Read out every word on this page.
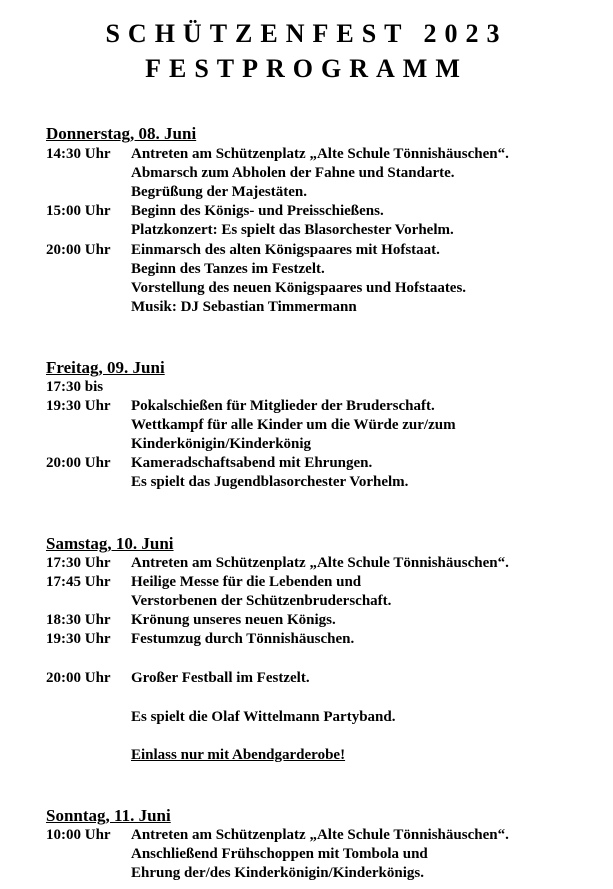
SCHÜTZENFEST 2023
FESTPROGRAMM
Donnerstag, 08. Juni
14:30 Uhr Antreten am Schützenplatz „Alte Schule Tönnishäuschen“.
Abmarsch zum Abholen der Fahne und Standarte.
Begrüßung der Majestäten.
15:00 Uhr Beginn des Königs- und Preisschießens.
Platzkonzert: Es spielt das Blasorchester Vorhelm.
20:00 Uhr Einmarsch des alten Königspaares mit Hofstaat.
Beginn des Tanzes im Festzelt.
Vorstellung des neuen Königspaares und Hofstaates.
Musik: DJ Sebastian Timmermann
Freitag, 09. Juni
17:30 bis
19:30 Uhr Pokalschießen für Mitglieder der Bruderschaft.
Wettkampf für alle Kinder um die Würde zur/zum
Kinderkönigin/Kinderkönig
20:00 Uhr Kameradschaftsabend mit Ehrungen.
Es spielt das Jugendblasorchester Vorhelm.
Samstag, 10. Juni
17:30 Uhr Antreten am Schützenplatz „Alte Schule Tönnishäuschen“.
17:45 Uhr Heilige Messe für die Lebenden und
Verstorbenen der Schützenbruderschaft.
18:30 Uhr Krönung unseres neuen Königs.
19:30 Uhr Festumzug durch Tönnishäuschen.
20:00 Uhr Großer Festball im Festzelt.
Es spielt die Olaf Wittelmann Partyband.
Einlass nur mit Abendgarderobe!
Sonntag, 11. Juni
10:00 Uhr Antreten am Schützenplatz „Alte Schule Tönnishäuschen“.
Anschließend Frühschoppen mit Tombola und
Ehrung der/des Kinderkönigin/Kinderkönigs.
